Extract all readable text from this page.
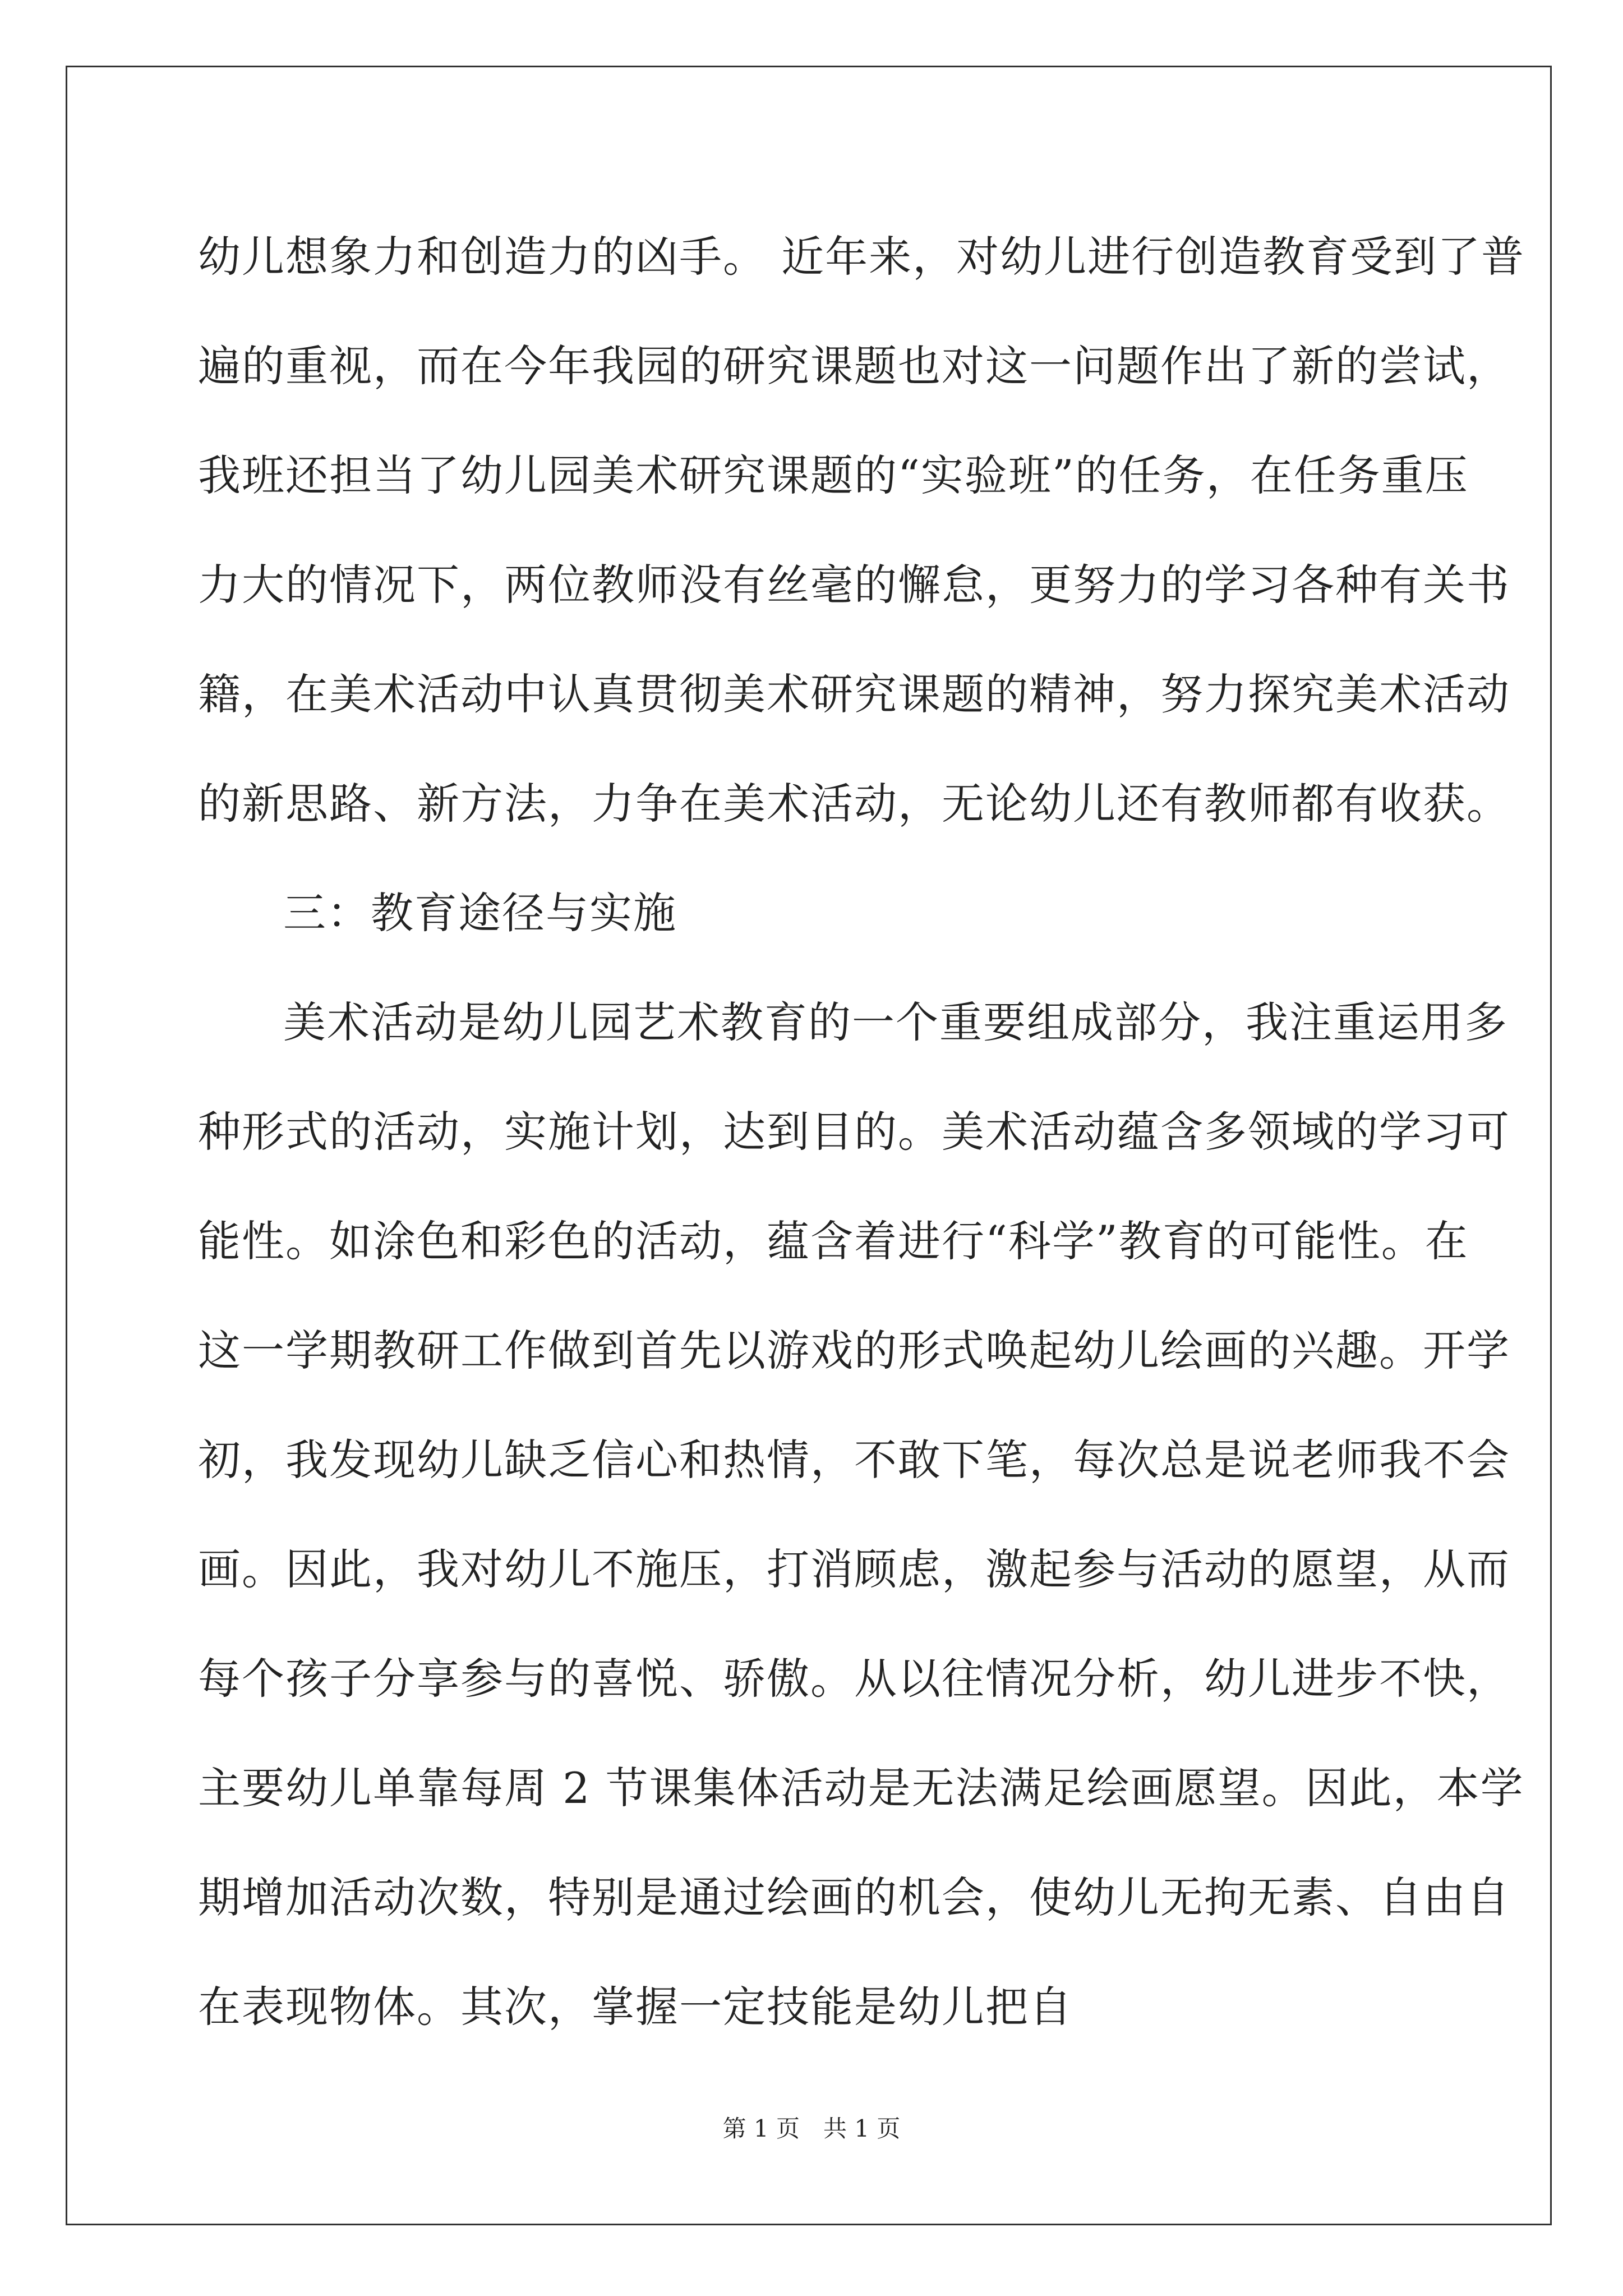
幼儿想象力和创造力的凶手。 近年来，对幼儿进行创造教育受到了普
遍的重视，而在今年我园的研究课题也对这一问题作出了新的尝试，
我班还担当了幼儿园美术研究课题的“实验班”的任务，在任务重压
力大的情况下，两位教师没有丝毫的懈怠，更努力的学习各种有关书
籍，在美术活动中认真贯彻美术研究课题的精神，努力探究美术活动
的新思路、新方法，力争在美术活动，无论幼儿还有教师都有收获。
三：教育途径与实施
美术活动是幼儿园艺术教育的一个重要组成部分，我注重运用多
种形式的活动，实施计划，达到目的。美术活动蕴含多领域的学习可
能性。如涂色和彩色的活动，蕴含着进行“科学”教育的可能性。在
这一学期教研工作做到首先以游戏的形式唤起幼儿绘画的兴趣。开学
初，我发现幼儿缺乏信心和热情，不敢下笔，每次总是说老师我不会
画。因此，我对幼儿不施压，打消顾虑，激起参与活动的愿望，从而
每个孩子分享参与的喜悦、骄傲。从以往情况分析，幼儿进步不快，
主要幼儿单靠每周 2 节课集体活动是无法满足绘画愿望。因此，本学
期增加活动次数，特别是通过绘画的机会，使幼儿无拘无素、自由自
在表现物体。其次，掌握一定技能是幼儿把自
第 1 页　共 1 页
